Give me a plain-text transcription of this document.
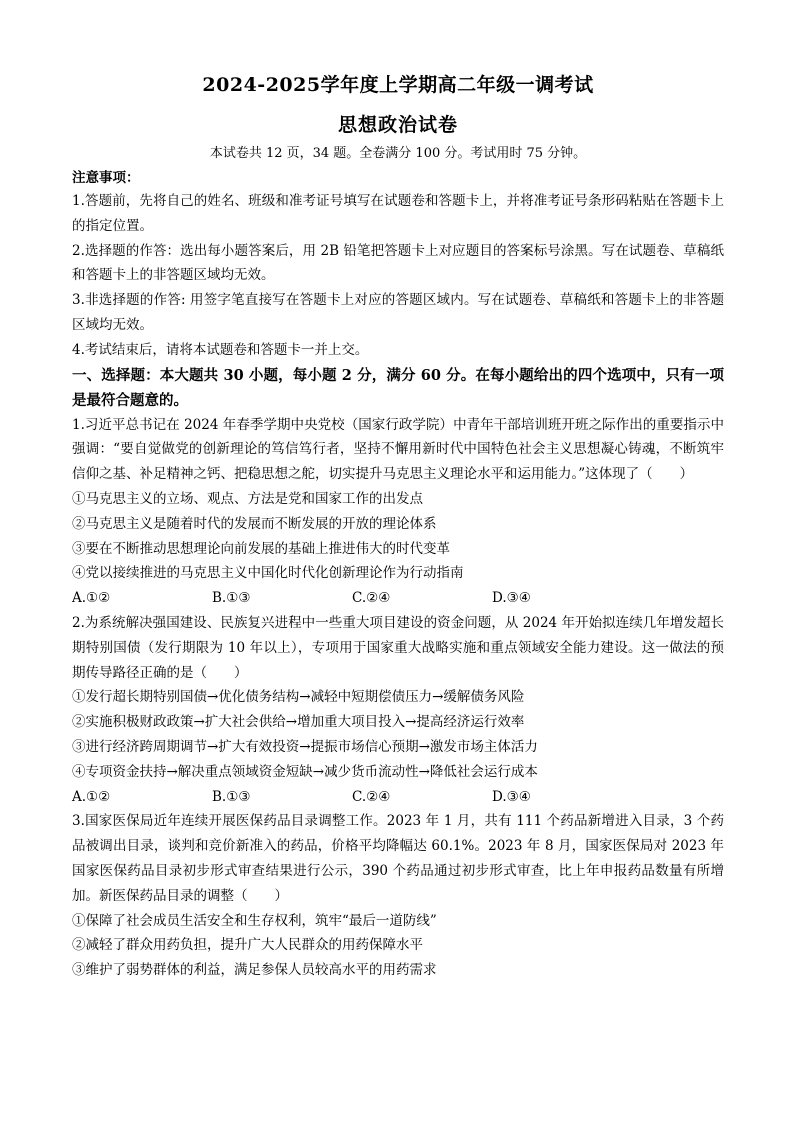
2024-2025学年度上学期高二年级一调考试
思想政治试卷
本试卷共 12 页，34 题。全卷满分 100 分。考试用时 75 分钟。
注意事项：

1.答题前，先将自己的姓名、班级和准考证号填写在试题卷和答题卡上，并将准考证号条形码粘贴在答题卡上的指定位置。

2.选择题的作答：选出每小题答案后，用 2B 铅笔把答题卡上对应题目的答案标号涂黑。写在试题卷、草稿纸和答题卡上的非答题区域均无效。

3.非选择题的作答: 用签字笔直接写在答题卡上对应的答题区域内。写在试题卷、草稿纸和答题卡上的非答题区域均无效。

4.考试结束后，请将本试题卷和答题卡一并上交。

一、选择题：本大题共 30 小题，每小题 2 分，满分 60 分。在每小题给出的四个选项中，只有一项是最符合题意的。

1.习近平总书记在 2024 年春季学期中央党校（国家行政学院）中青年干部培训班开班之际作出的重要指示中强调：“要自觉做党的创新理论的笃信笃行者，坚持不懈用新时代中国特色社会主义思想凝心铸魂，不断筑牢信仰之基、补足精神之钙、把稳思想之舵，切实提升马克思主义理论水平和运用能力。”这体现了（　　）

①马克思主义的立场、观点、方法是党和国家工作的出发点

②马克思主义是随着时代的发展而不断发展的开放的理论体系

③要在不断推动思想理论向前发展的基础上推进伟大的时代变革

④党以接续推进的马克思主义中国化时代化创新理论作为行动指南

A.①②	B.①③	C.②④	D.③④

2.为系统解决强国建设、民族复兴进程中一些重大项目建设的资金问题，从 2024 年开始拟连续几年增发超长期特别国债（发行期限为 10 年以上），专项用于国家重大战略实施和重点领域安全能力建设。这一做法的预期传导路径正确的是（　　）

①发行超长期特别国债→优化债务结构→减轻中短期偿债压力→缓解债务风险

②实施积极财政政策→扩大社会供给→增加重大项目投入→提高经济运行效率

③进行经济跨周期调节→扩大有效投资→提振市场信心预期→激发市场主体活力

④专项资金扶持→解决重点领域资金短缺→减少货币流动性→降低社会运行成本

A.①②	B.①③	C.②④	D.③④

3.国家医保局近年连续开展医保药品目录调整工作。2023 年 1 月，共有 111 个药品新增进入目录，3 个药品被调出目录，谈判和竞价新准入的药品，价格平均降幅达 60.1%。2023 年 8 月，国家医保局对 2023 年国家医保药品目录初步形式审查结果进行公示，390 个药品通过初步形式审查，比上年申报药品数量有所增加。新医保药品目录的调整（　　）

①保障了社会成员生活安全和生存权利，筑牢“最后一道防线”

②减轻了群众用药负担，提升广大人民群众的用药保障水平

③维护了弱势群体的利益，满足参保人员较高水平的用药需求
